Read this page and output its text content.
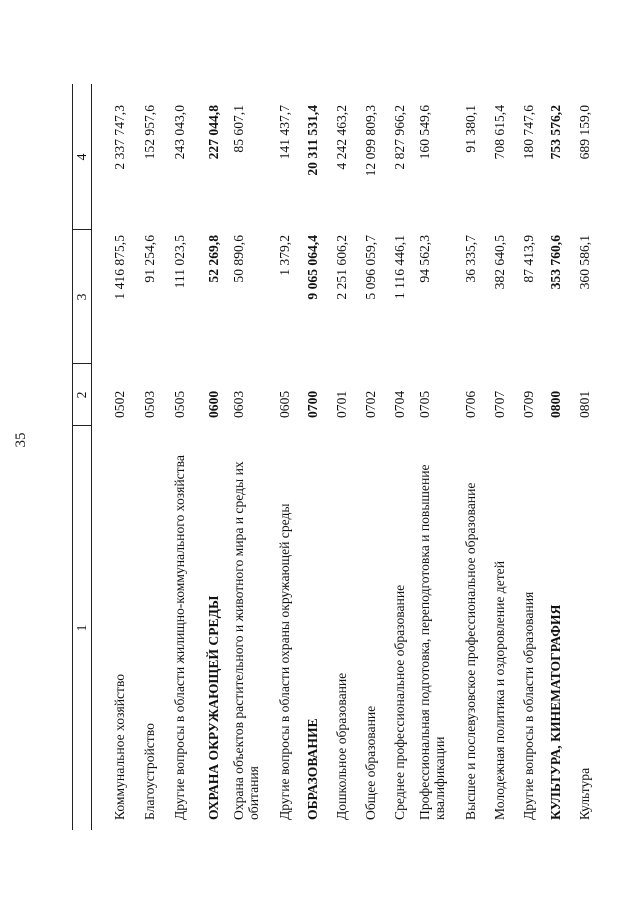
35
1
2
3
4
Коммунальное хозяйство
0502
1 416 875,5
2 337 747,3
Благоустройство
0503
91 254,6
152 957,6
Другие вопросы в области жилищно-коммунального хозяйства
0505
111 023,5
243 043,0
ОХРАНА ОКРУЖАЮЩЕЙ СРЕДЫ
0600
52 269,8
227 044,8
Охрана объектов растительного и животного мира и среды их обитания
0603
50 890,6
85 607,1
Другие вопросы в области охраны окружающей среды
0605
1 379,2
141 437,7
ОБРАЗОВАНИЕ
0700
9 065 064,4
20 311 531,4
Дошкольное образование
0701
2 251 606,2
4 242 463,2
Общее образование
0702
5 096 059,7
12 099 809,3
Среднее профессиональное образование
0704
1 116 446,1
2 827 966,2
Профессиональная подготовка, переподготовка и повышение квалификации
0705
94 562,3
160 549,6
Высшее и послевузовское профессиональное образование
0706
36 335,7
91 380,1
Молодежная политика и оздоровление детей
0707
382 640,5
708 615,4
Другие вопросы в области образования
0709
87 413,9
180 747,6
КУЛЬТУРА, КИНЕМАТОГРАФИЯ
0800
353 760,6
753 576,2
Культура
0801
360 586,1
689 159,0
